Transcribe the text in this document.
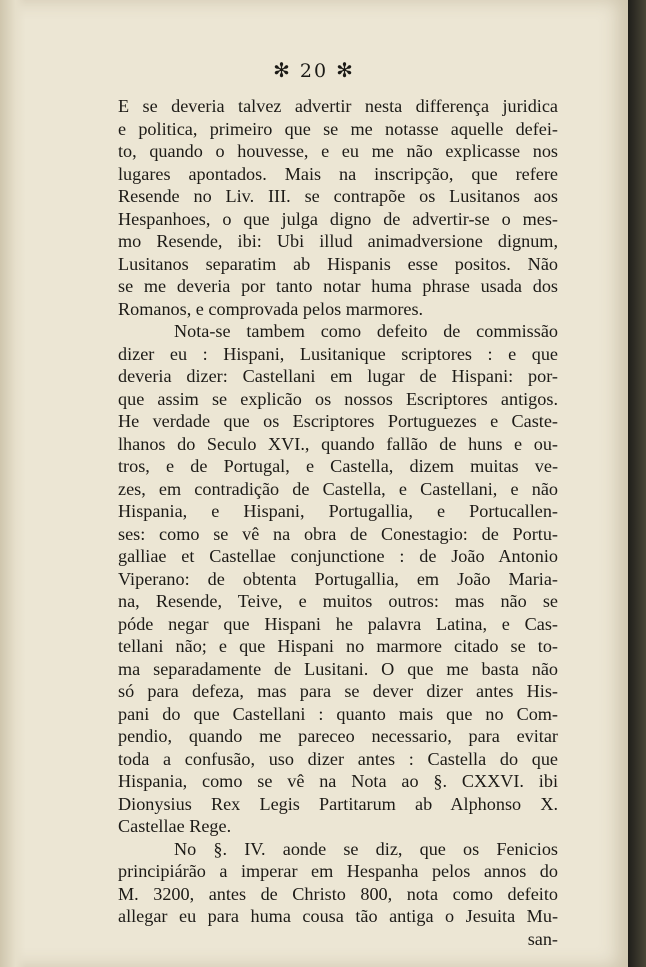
✻ 20 ✻
E se deveria talvez advertir nesta differença juridica
e politica, primeiro que se me notasse aquelle defei-
to, quando o houvesse, e eu me não explicasse nos
lugares apontados. Mais na inscripção, que refere
Resende no Liv. III. se contrapõe os Lusitanos aos
Hespanhoes, o que julga digno de advertir-se o mes-
mo Resende, ibi: Ubi illud animadversione dignum,
Lusitanos separatim ab Hispanis esse positos. Não
se me deveria por tanto notar huma phrase usada dos
Romanos, e comprovada pelos marmores.
Nota-se tambem como defeito de commissão
dizer eu : Hispani, Lusitanique scriptores : e que
deveria dizer: Castellani em lugar de Hispani: por-
que assim se explicão os nossos Escriptores antigos.
He verdade que os Escriptores Portuguezes e Caste-
lhanos do Seculo XVI., quando fallão de huns e ou-
tros, e de Portugal, e Castella, dizem muitas ve-
zes, em contradição de Castella, e Castellani, e não
Hispania, e Hispani, Portugallia, e Portucallen-
ses: como se vê na obra de Conestagio: de Portu-
galliae et Castellae conjunctione : de João Antonio
Viperano: de obtenta Portugallia, em João Maria-
na, Resende, Teive, e muitos outros: mas não se
póde negar que Hispani he palavra Latina, e Cas-
tellani não; e que Hispani no marmore citado se to-
ma separadamente de Lusitani. O que me basta não
só para defeza, mas para se dever dizer antes His-
pani do que Castellani : quanto mais que no Com-
pendio, quando me pareceo necessario, para evitar
toda a confusão, uso dizer antes : Castella do que
Hispania, como se vê na Nota ao §. CXXVI. ibi
Dionysius Rex Legis Partitarum ab Alphonso X.
Castellae Rege.
No §. IV. aonde se diz, que os Fenicios
principiárão a imperar em Hespanha pelos annos do
M. 3200, antes de Christo 800, nota como defeito
allegar eu para huma cousa tão antiga o Jesuita Mu-
san-
